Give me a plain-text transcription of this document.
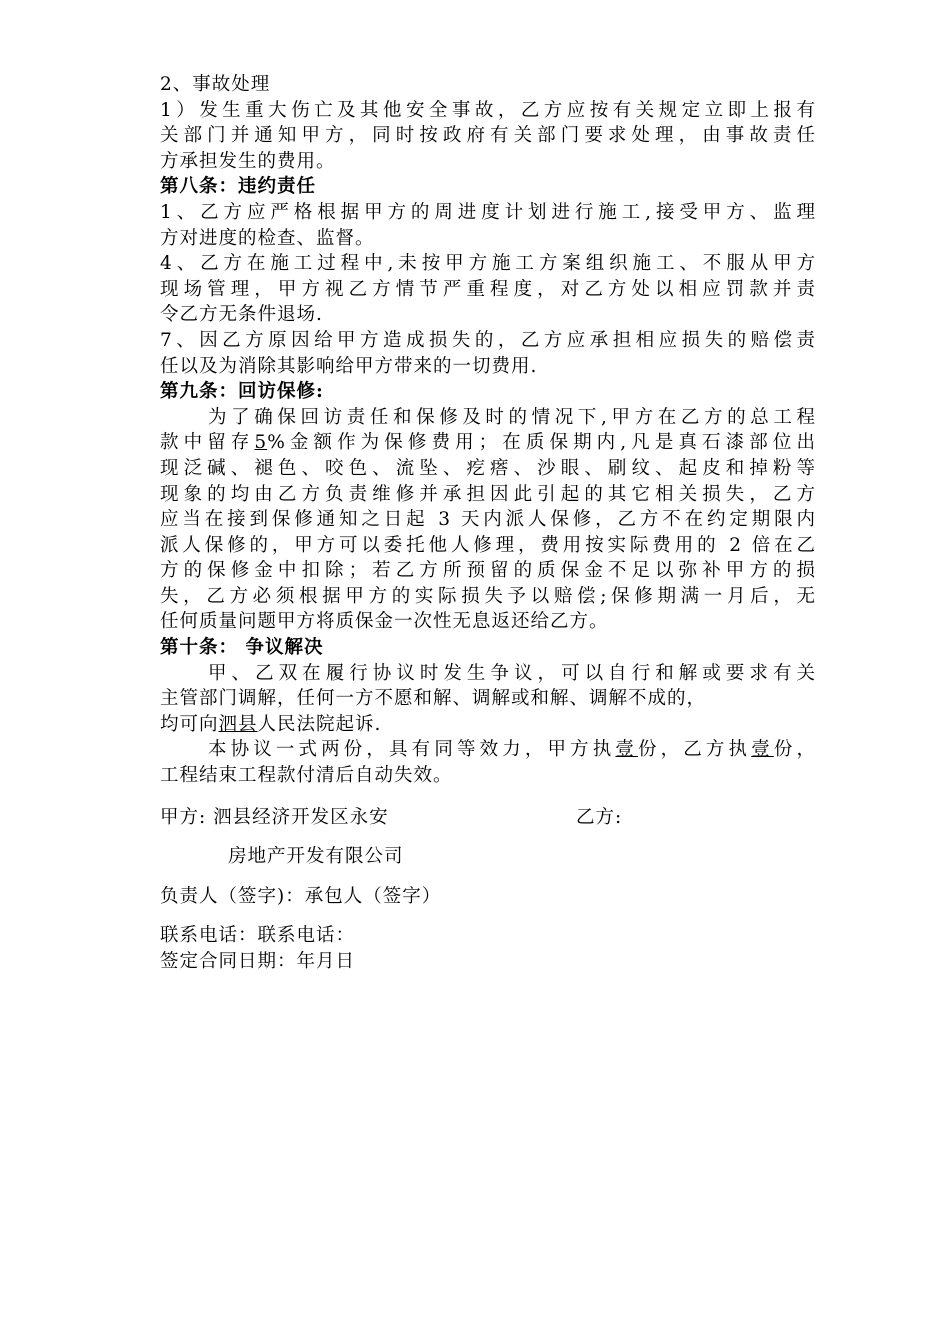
2、事故处理
1）发生重大伤亡及其他安全事故，乙方应按有关规定立即上报有
关部门并通知甲方，同时按政府有关部门要求处理，由事故责任
方承担发生的费用。
第八条：违约责任
1、乙方应严格根据甲方的周进度计划进行施工,接受甲方、监理
方对进度的检查、监督。
4、乙方在施工过程中,未按甲方施工方案组织施工、不服从甲方
现场管理，甲方视乙方情节严重程度，对乙方处以相应罚款并责
令乙方无条件退场.
7、因乙方原因给甲方造成损失的，乙方应承担相应损失的赔偿责
任以及为消除其影响给甲方带来的一切费用.
第九条：回访保修:
为了确保回访责任和保修及时的情况下,甲方在乙方的总工程
款中留存5%金额作为保修费用；在质保期内,凡是真石漆部位出
现泛碱、褪色、咬色、流坠、疙瘩、沙眼、刷纹、起皮和掉粉等
现象的均由乙方负责维修并承担因此引起的其它相关损失，乙方
应当在接到保修通知之日起 3 天内派人保修，乙方不在约定期限内
派人保修的，甲方可以委托他人修理，费用按实际费用的 2 倍在乙
方的保修金中扣除；若乙方所预留的质保金不足以弥补甲方的损
失，乙方必须根据甲方的实际损失予以赔偿;保修期满一月后，无
任何质量问题甲方将质保金一次性无息返还给乙方。
第十条： 争议解决
甲、乙双在履行协议时发生争议，可以自行和解或要求有关
主管部门调解，任何一方不愿和解、调解或和解、调解不成的，
均可向泗县人民法院起诉.
本协议一式两份，具有同等效力，甲方执壹份，乙方执壹份，
工程结束工程款付清后自动失效。
甲方: 泗县经济开发区永安	乙方:
房地产开发有限公司
负责人（签字)：承包人（签字）
联系电话：联系电话：
签定合同日期：年月日
